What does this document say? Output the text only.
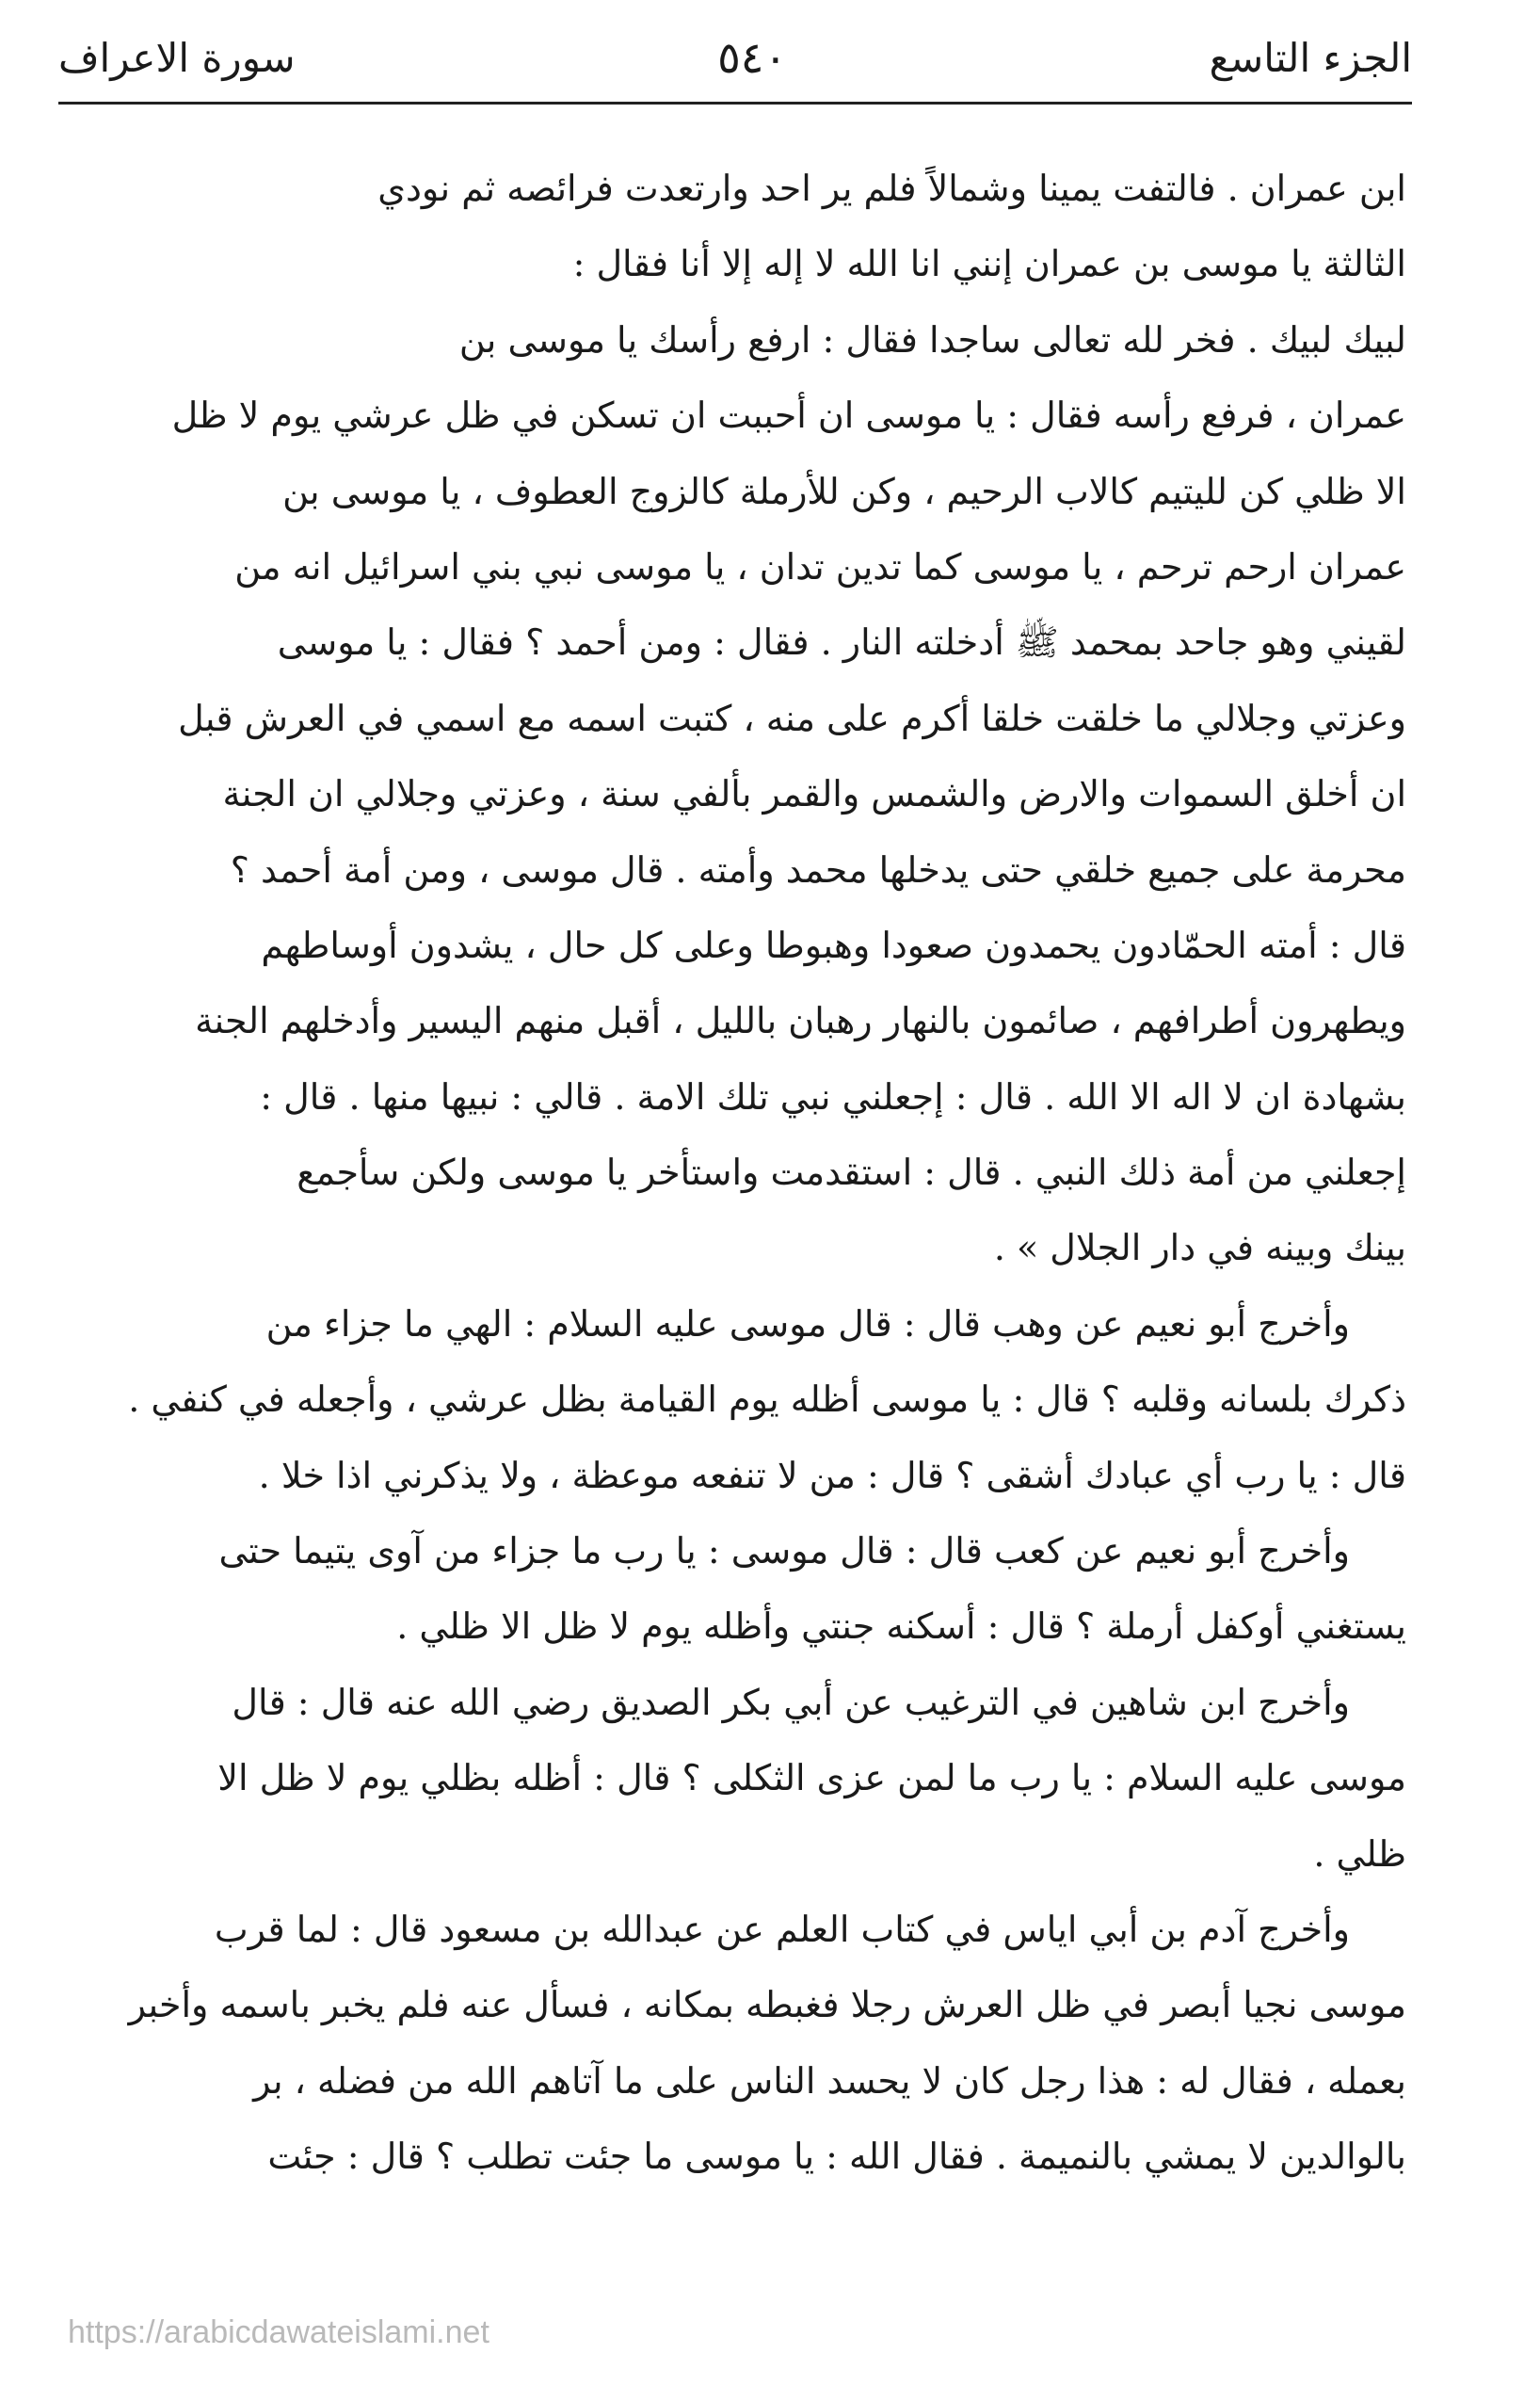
الجزء التاسع
٥٤٠
سورة الاعراف
ابن عمران . فالتفت يمينا وشمالاً فلم ير احد وارتعدت فرائصه ثم نودي
الثالثة يا موسى بن عمران إنني انا الله لا إله إلا أنا فقال :
لبيك لبيك . فخر لله تعالى ساجدا فقال : ارفع رأسك يا موسى بن
عمران ، فرفع رأسه فقال : يا موسى ان أحببت ان تسكن في ظل عرشي يوم لا ظل
الا ظلي كن لليتيم كالاب الرحيم ، وكن للأرملة كالزوج العطوف ، يا موسى بن
عمران ارحم ترحم ، يا موسى كما تدين تدان ، يا موسى نبي بني اسرائيل انه من
لقيني وهو جاحد بمحمد ﷺ أدخلته النار . فقال : ومن أحمد ؟ فقال : يا موسى
وعزتي وجلالي ما خلقت خلقا أكرم على منه ، كتبت اسمه مع اسمي في العرش قبل
ان أخلق السموات والارض والشمس والقمر بألفي سنة ، وعزتي وجلالي ان الجنة
محرمة على جميع خلقي حتى يدخلها محمد وأمته . قال موسى ، ومن أمة أحمد ؟
قال : أمته الحمّادون يحمدون صعودا وهبوطا وعلى كل حال ، يشدون أوساطهم
ويطهرون أطرافهم ، صائمون بالنهار رهبان بالليل ، أقبل منهم اليسير وأدخلهم الجنة
بشهادة ان لا اله الا الله . قال : إجعلني نبي تلك الامة . قالي : نبيها منها . قال :
إجعلني من أمة ذلك النبي . قال : استقدمت واستأخر يا موسى ولكن سأجمع
بينك وبينه في دار الجلال » .
وأخرج أبو نعيم عن وهب قال : قال موسى عليه السلام : الهي ما جزاء من
ذكرك بلسانه وقلبه ؟ قال : يا موسى أظله يوم القيامة بظل عرشي ، وأجعله في كنفي .
قال : يا رب أي عبادك أشقى ؟ قال : من لا تنفعه موعظة ، ولا يذكرني اذا خلا .
وأخرج أبو نعيم عن كعب قال : قال موسى : يا رب ما جزاء من آوى يتيما حتى
يستغني أوكفل أرملة ؟ قال : أسكنه جنتي وأظله يوم لا ظل الا ظلي .
وأخرج ابن شاهين في الترغيب عن أبي بكر الصديق رضي الله عنه قال : قال
موسى عليه السلام : يا رب ما لمن عزى الثكلى ؟ قال : أظله بظلي يوم لا ظل الا
ظلي .
وأخرج آدم بن أبي اياس في كتاب العلم عن عبدالله بن مسعود قال : لما قرب
موسى نجيا أبصر في ظل العرش رجلا فغبطه بمكانه ، فسأل عنه فلم يخبر باسمه وأخبر
بعمله ، فقال له : هذا رجل كان لا يحسد الناس على ما آتاهم الله من فضله ، بر
بالوالدين لا يمشي بالنميمة . فقال الله : يا موسى ما جئت تطلب ؟ قال : جئت
https://arabicdawateislami.net
